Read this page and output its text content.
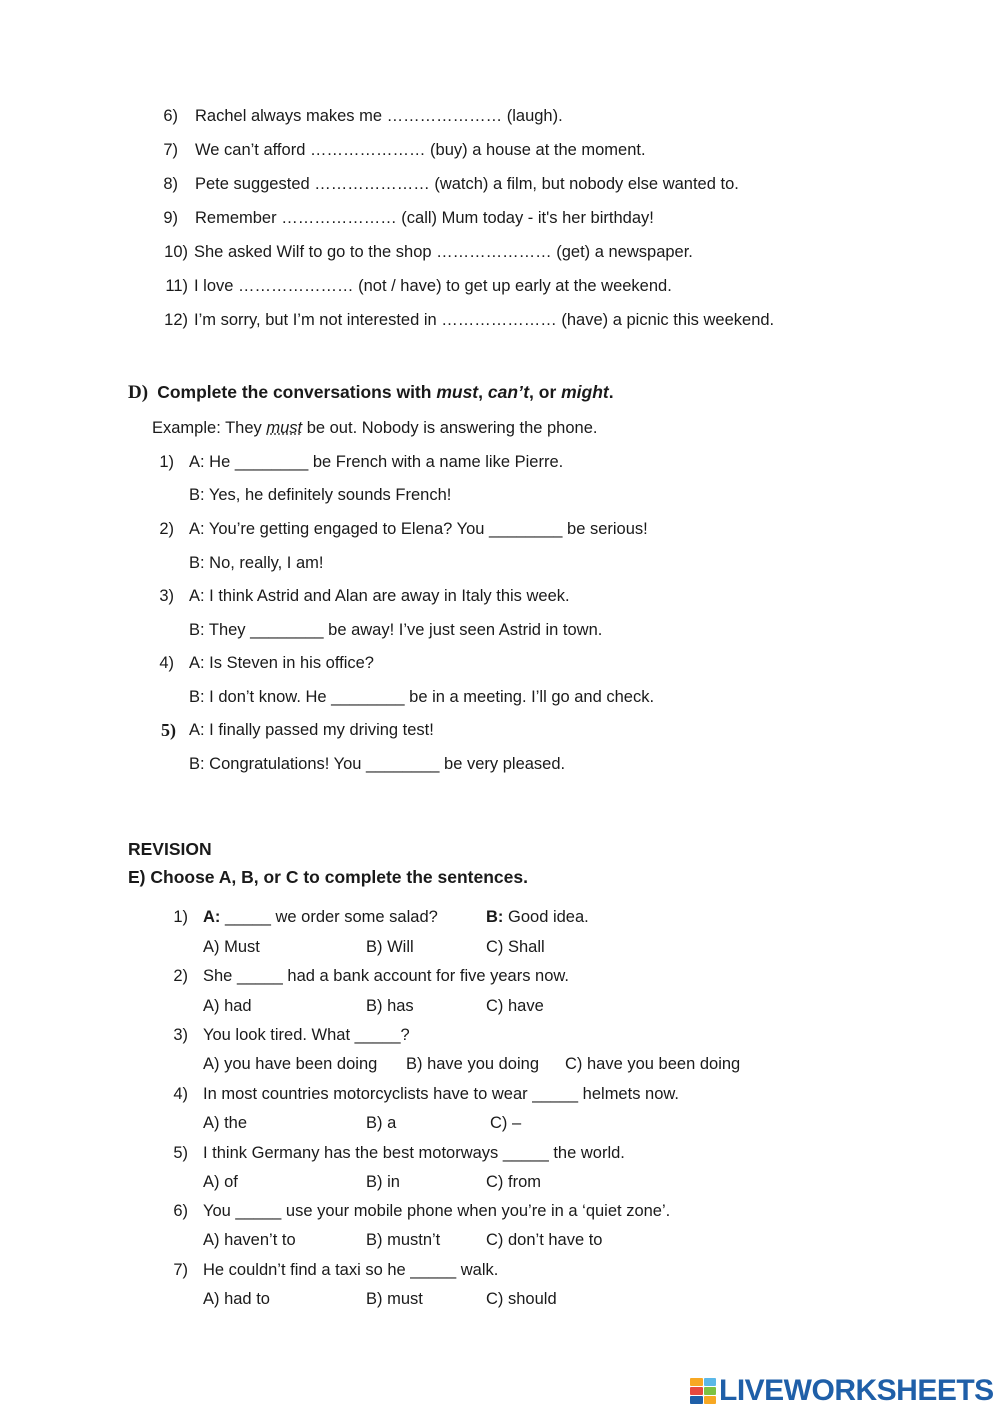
6) Rachel always makes me ………………… (laugh).
7) We can’t afford ………………… (buy) a house at the moment.
8) Pete suggested ………………… (watch) a film, but nobody else wanted to.
9) Remember ………………… (call) Mum today - it's her birthday!
10) She asked Wilf to go to the shop ………………… (get) a newspaper.
11) I love ………………… (not / have) to get up early at the weekend.
12) I’m sorry, but I’m not interested in ………………… (have) a picnic this weekend.
D) Complete the conversations with must, can’t, or might.
Example: They must be out. Nobody is answering the phone.
1) A: He ________ be French with a name like Pierre.
B: Yes, he definitely sounds French!
2) A: You’re getting engaged to Elena? You ________ be serious!
B: No, really, I am!
3) A: I think Astrid and Alan are away in Italy this week.
B: They ________ be away! I’ve just seen Astrid in town.
4) A: Is Steven in his office?
B: I don’t know. He ________ be in a meeting. I’ll go and check.
5) A: I finally passed my driving test!
B: Congratulations! You ________ be very pleased.
REVISION
E) Choose A, B, or C to complete the sentences.
1) A: _____ we order some salad?	B: Good idea.
A) Must	B) Will	C) Shall
2) She _____ had a bank account for five years now.
A) had	B) has	C) have
3) You look tired. What _____?
A) you have been doing B) have you doing C) have you been doing
4) In most countries motorcyclists have to wear _____ helmets now.
A) the	B) a	C) –
5) I think Germany has the best motorways _____ the world.
A) of	B) in	C) from
6) You _____ use your mobile phone when you’re in a ‘quiet zone’.
A) haven’t to	B) mustn’t	C) don’t have to
7) He couldn’t find a taxi so he _____ walk.
A) had to	B) must	C) should
LIVEWORKSHEETS
